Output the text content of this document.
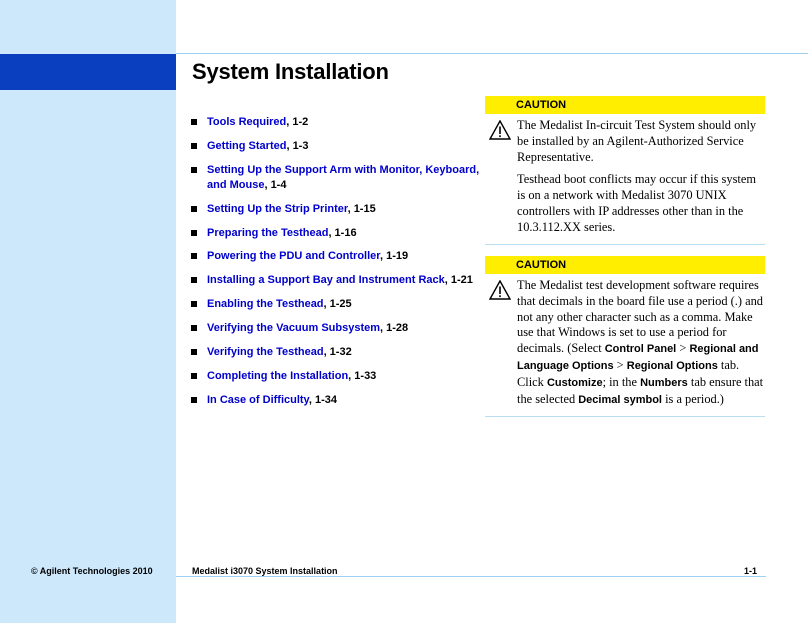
System Installation
Tools Required, 1-2
Getting Started, 1-3
Setting Up the Support Arm with Monitor, Keyboard, and Mouse, 1-4
Setting Up the Strip Printer, 1-15
Preparing the Testhead, 1-16
Powering the PDU and Controller, 1-19
Installing a Support Bay and Instrument Rack, 1-21
Enabling the Testhead, 1-25
Verifying the Vacuum Subsystem, 1-28
Verifying the Testhead, 1-32
Completing the Installation, 1-33
In Case of Difficulty, 1-34
CAUTION

The Medalist In-circuit Test System should only be installed by an Agilent-Authorized Service Representative.

Testhead boot conflicts may occur if this system is on a network with Medalist 3070 UNIX controllers with IP addresses other than in the 10.3.112.XX series.

CAUTION

The Medalist test development software requires that decimals in the board file use a period (.) and not any other character such as a comma. Make use that Windows is set to use a period for decimals. (Select Control Panel > Regional and Language Options > Regional Options tab. Click Customize; in the Numbers tab ensure that the selected Decimal symbol is a period.)

© Agilent Technologies 2010	Medalist i3070 System Installation	1-1
